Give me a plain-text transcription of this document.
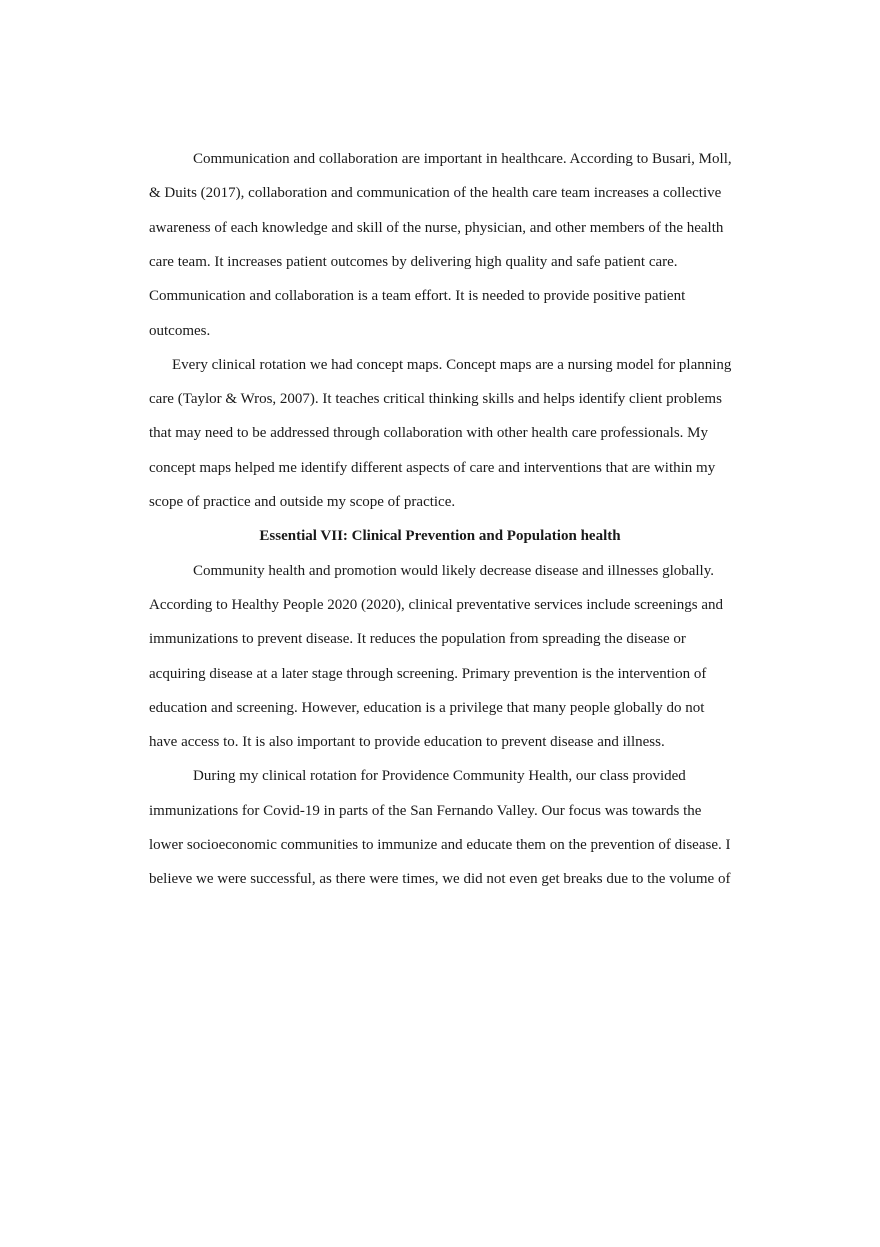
Communication and collaboration are important in healthcare. According to Busari, Moll,
& Duits (2017), collaboration and communication of the health care team increases a collective
awareness of each knowledge and skill of the nurse, physician, and other members of the health
care team. It increases patient outcomes by delivering high quality and safe patient care.
Communication and collaboration is a team effort. It is needed to provide positive patient
outcomes.
Every clinical rotation we had concept maps. Concept maps are a nursing model for planning
care (Taylor & Wros, 2007). It teaches critical thinking skills and helps identify client problems
that may need to be addressed through collaboration with other health care professionals. My
concept maps helped me identify different aspects of care and interventions that are within my
scope of practice and outside my scope of practice.
Essential VII: Clinical Prevention and Population health
Community health and promotion would likely decrease disease and illnesses globally.
According to Healthy People 2020 (2020), clinical preventative services include screenings and
immunizations to prevent disease. It reduces the population from spreading the disease or
acquiring disease at a later stage through screening. Primary prevention is the intervention of
education and screening. However, education is a privilege that many people globally do not
have access to. It is also important to provide education to prevent disease and illness.
During my clinical rotation for Providence Community Health, our class provided
immunizations for Covid-19 in parts of the San Fernando Valley. Our focus was towards the
lower socioeconomic communities to immunize and educate them on the prevention of disease. I
believe we were successful, as there were times, we did not even get breaks due to the volume of
